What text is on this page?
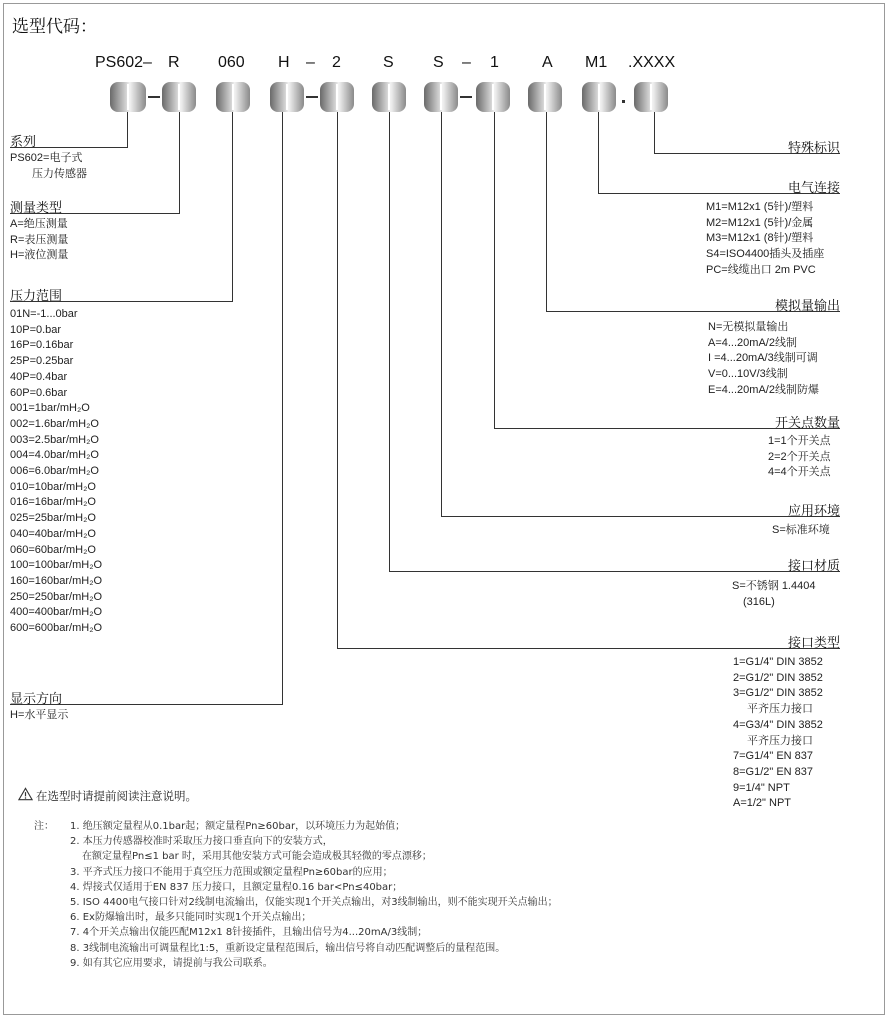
选型代码：
PS602– R 060 H – 2	S S – 1	A M1 .XXXX
系列
PS602=电子式
　　压力传感器
测量类型
A=绝压测量
R=表压测量
H=液位测量
压力范围
01N=-1...0bar
10P=0.bar
16P=0.16bar
25P=0.25bar
40P=0.4bar
60P=0.6bar
001=1bar/mH₂O
002=1.6bar/mH₂O
003=2.5bar/mH₂O
004=4.0bar/mH₂O
006=6.0bar/mH₂O
010=10bar/mH₂O
016=16bar/mH₂O
025=25bar/mH₂O
040=40bar/mH₂O
060=60bar/mH₂O
100=100bar/mH₂O
160=160bar/mH₂O
250=250bar/mH₂O
400=400bar/mH₂O
600=600bar/mH₂O
显示方向
H=水平显示
特殊标识
电气连接
M1=M12x1 (5针)/塑料
M2=M12x1 (5针)/金属
M3=M12x1 (8针)/塑料
S4=ISO4400插头及插座
PC=线缆出口 2m PVC
模拟量输出
N=无模拟量输出
A=4...20mA/2线制
I =4...20mA/3线制可调
V=0...10V/3线制
E=4...20mA/2线制防爆
开关点数量
1=1个开关点
2=2个开关点
4=4个开关点
应用环境
S=标准环境
接口材质
S=不锈钢 1.4404
　(316L)
接口类型
1=G1/4" DIN 3852
2=G1/2" DIN 3852
3=G1/2" DIN 3852
　 平齐压力接口
4=G3/4" DIN 3852
　 平齐压力接口
7=G1/4" EN 837
8=G1/2" EN 837
9=1/4" NPT
A=1/2" NPT
在选型时请提前阅读注意说明。
注： 1. 绝压额定量程从0.1bar起；额定量程Pn≥60bar，以环境压力为起始值；
2. 本压力传感器校准时采取压力接口垂直向下的安装方式，
在额定量程Pn≤1 bar 时，采用其他安装方式可能会造成极其轻微的零点漂移；
3. 平齐式压力接口不能用于真空压力范围或额定量程Pn≥60bar的应用；
4. 焊接式仅适用于EN 837 压力接口，且额定量程0.16 bar<Pn≤40bar；
5. ISO 4400电气接口针对2线制电流输出，仅能实现1个开关点输出，对3线制输出，则不能实现开关点输出；
6. Ex防爆输出时，最多只能同时实现1个开关点输出；
7. 4个开关点输出仅能匹配M12x1 8针接插件，且输出信号为4...20mA/3线制；
8. 3线制电流输出可调量程比1:5，重新设定量程范围后，输出信号将自动匹配调整后的量程范围。
9. 如有其它应用要求，请提前与我公司联系。
